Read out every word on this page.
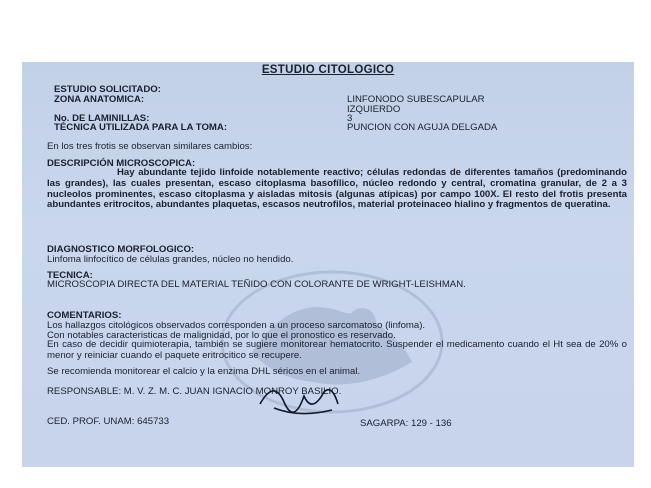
ESTUDIO CITOLOGICO
ESTUDIO SOLICITADO:
ZONA ANATOMICA:	LINFONODO SUBESCAPULAR
IZQUIERDO
No. DE LAMINILLAS:	3
TÉCNICA UTILIZADA PARA LA TOMA:	PUNCION CON AGUJA DELGADA
En los tres frotis se observan similares cambios:
DESCRIPCIÓN MICROSCOPICA:
Hay abundante tejido linfoide notablemente reactivo; células redondas de diferentes tamaños (predominando las grandes), las cuales presentan, escaso citoplasma basofílico, núcleo redondo y central, cromatina granular, de 2 a 3 nucleolos prominentes, escaso citoplasma y aisladas mitosis (algunas atípicas) por campo 100X. El resto del frotis presenta abundantes eritrocitos, abundantes plaquetas, escasos neutrofilos, material proteinaceo hialino y fragmentos de queratina.
DIAGNOSTICO MORFOLOGICO:
Linfoma linfocítico de células grandes, núcleo no hendido.
TECNICA:
MICROSCOPIA DIRECTA DEL MATERIAL TEÑIDO CON COLORANTE DE WRIGHT-LEISHMAN.
COMENTARIOS:
Los hallazgos citológicos observados corresponden a un proceso sarcomatoso (linfoma).
Con notables caracteristicas de malignidad, por lo que el pronostico es reservado.
En caso de decidir quimioterapia, también se sugiere monitorear hematocrito. Suspender el medicamento cuando el Ht sea de 20% o menor y reiniciar cuando el paquete eritrocitico se recupere.
Se recomienda monitorear el calcio y la enzima DHL séricos en el animal.
RESPONSABLE: M. V. Z. M. C. JUAN IGNACIO MONROY BASILIO.
CED. PROF. UNAM: 645733	SAGARPA: 129 - 136
